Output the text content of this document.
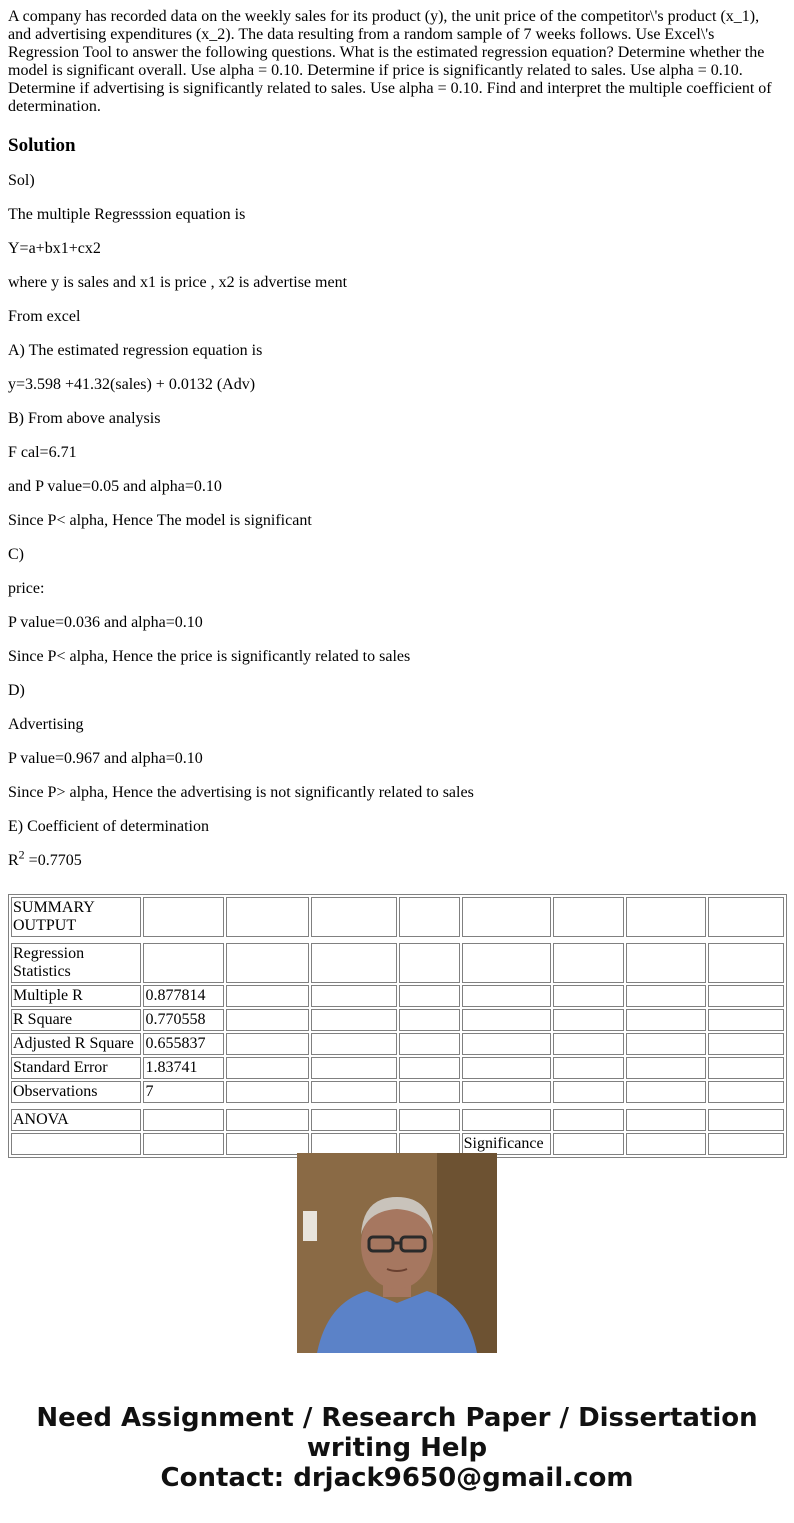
A company has recorded data on the weekly sales for its product (y), the unit price of the competitor\'s product (x_1), and advertising expenditures (x_2). The data resulting from a random sample of 7 weeks follows. Use Excel\'s Regression Tool to answer the following questions. What is the estimated regression equation? Determine whether the model is significant overall. Use alpha = 0.10. Determine if price is significantly related to sales. Use alpha = 0.10. Determine if advertising is significantly related to sales. Use alpha = 0.10. Find and interpret the multiple coefficient of determination.

Solution

Sol)

The multiple Regresssion equation is

Y=a+bx1+cx2

where y is sales and x1 is price , x2 is advertise ment

From excel

A) The estimated regression equation is

y=3.598 +41.32(sales) + 0.0132 (Adv)

B) From above analysis

F cal=6.71

and P value=0.05 and alpha=0.10

Since P< alpha, Hence The model is significant

C)

price:

P value=0.036 and alpha=0.10

Since P< alpha, Hence the price is significantly related to sales

D)

Advertising

P value=0.967 and alpha=0.10

Since P> alpha, Hence the advertising is not significantly related to sales

E) Coefficient of determination

$R^2 =0.7705$

SUMMARY OUTPUT								

Regression Statistics								
Multiple R	0.877814							
R Square	0.770558							
Adjusted R Square	0.655837							
Standard Error	1.83741							
Observations	7							

ANOVA								
					Significance			
Need Assignment / Research Paper / Dissertation writing Help
Contact: drjack9650@gmail.com
